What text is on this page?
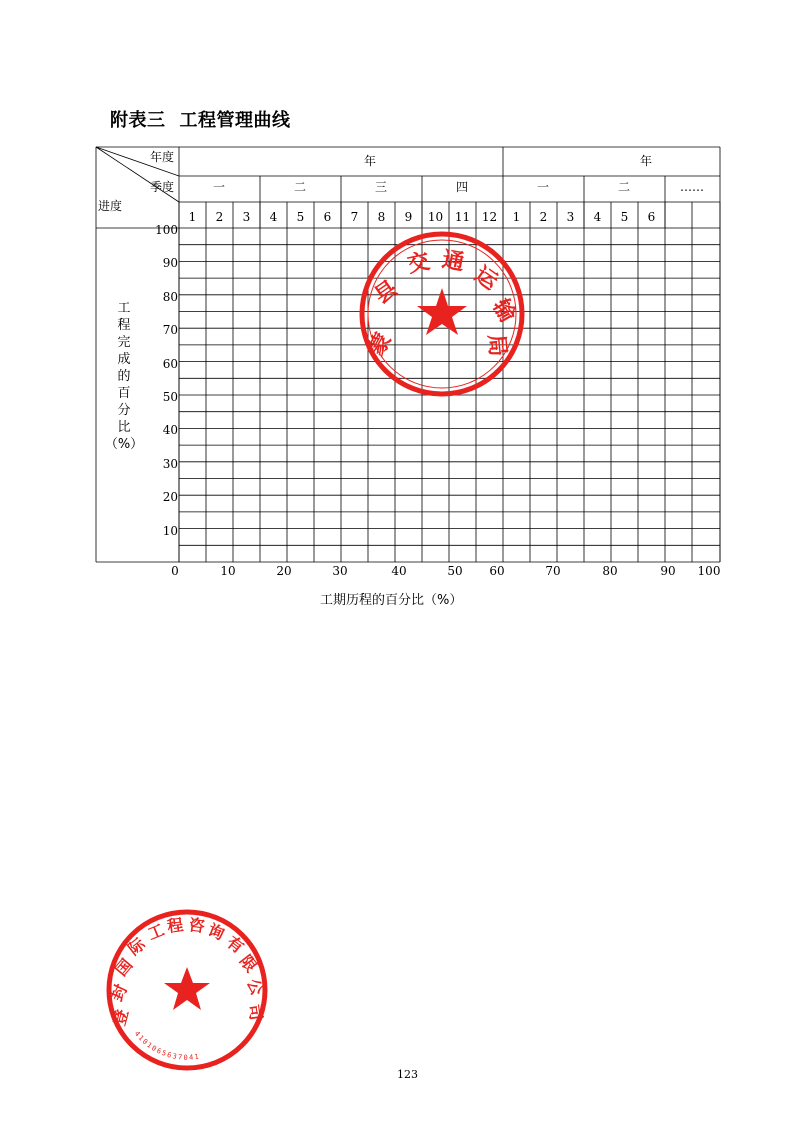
附表三 工程管理曲线
年度
季度
进度
年	年
一	二	三	四	一	二	……
1	2	3	4	5	6	7	8	9	10 11 12	1	2	3	4	5	6
100
90
80
70
60
50
40
30
20
10
0	10	20	30	40	50	60	70	80	90	100
工
程
完
成
的
百
分
比
（%）
工期历程的百分比（%）
蒙
县
交 通
运
输
局
登
封
国
际
工 程 咨 询
有
限
公
司
4101065637041
123
